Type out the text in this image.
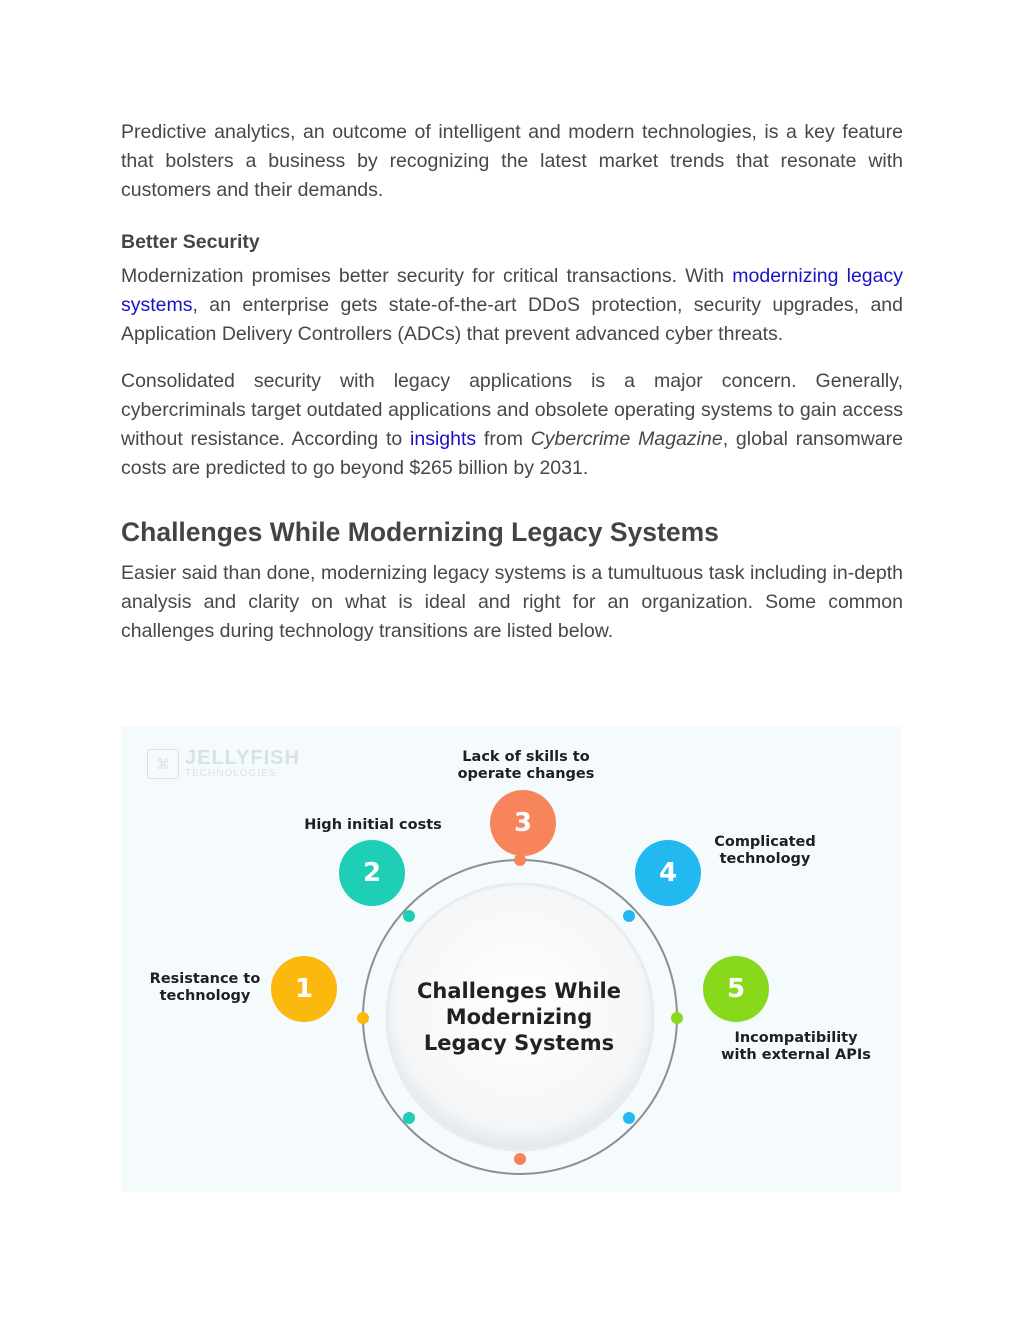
Predictive analytics, an outcome of intelligent and modern technologies, is a key feature that bolsters a business by recognizing the latest market trends that resonate with customers and their demands.

Better Security

Modernization promises better security for critical transactions. With modernizing legacy systems, an enterprise gets state-of-the-art DDoS protection, security upgrades, and Application Delivery Controllers (ADCs) that prevent advanced cyber threats.

Consolidated security with legacy applications is a major concern. Generally, cybercriminals target outdated applications and obsolete operating systems to gain access without resistance. According to insights from Cybercrime Magazine, global ransomware costs are predicted to go beyond $265 billion by 2031.

Challenges While Modernizing Legacy Systems

Easier said than done, modernizing legacy systems is a tumultuous task including in-depth analysis and clarity on what is ideal and right for an organization. Some common challenges during technology transitions are listed below.

⌘ JELLYFISH
TECHNOLOGIES
Challenges While
Modernizing
Legacy Systems
1
Resistance to
technology
2
High initial costs	3
Lack of skills to
operate changes
4
Complicated
technology
5
Incompatibility
with external APIs
